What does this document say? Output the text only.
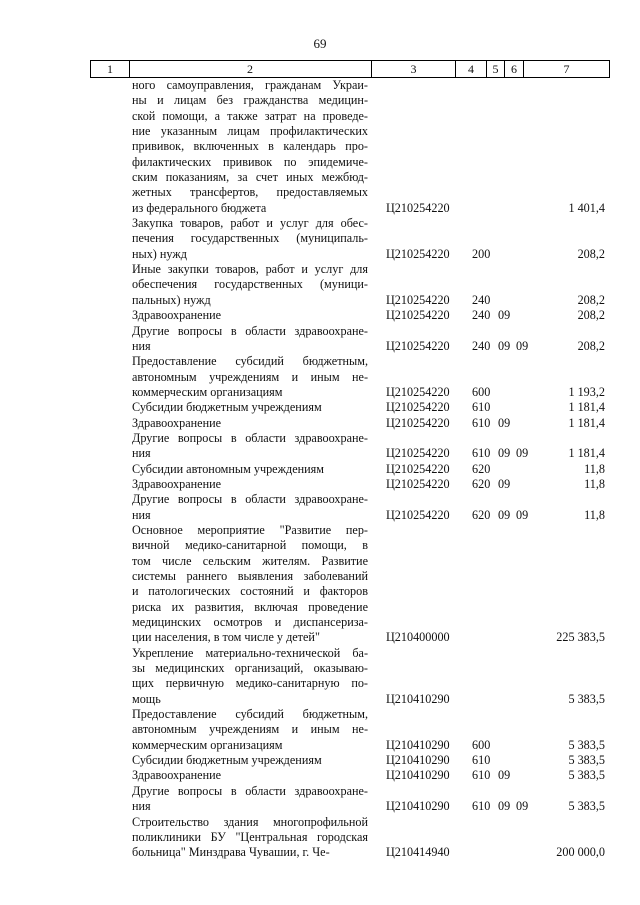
69
1	2	3	4	5	6	7
ного самоуправления, гражданам Украи-
ны и лицам без гражданства медицин-
ской помощи, а также затрат на проведе-
ние указанным лицам профилактических
прививок, включенных в календарь про-
филактических прививок по эпидемиче-
ским показаниям, за счет иных межбюд-
жетных трансфертов, предоставляемых
из федерального бюджета	Ц210254220	1 401,4
Закупка товаров, работ и услуг для обес-
печения государственных (муниципаль-
ных) нужд	Ц210254220 200	208,2
Иные закупки товаров, работ и услуг для
обеспечения государственных (муници-
пальных) нужд	Ц210254220 240	208,2
Здравоохранение	Ц210254220 240 09	208,2
Другие вопросы в области здравоохране-
ния	Ц210254220 240 09 09	208,2
Предоставление субсидий бюджетным,
автономным учреждениям и иным не-
коммерческим организациям	Ц210254220 600	1 193,2
Субсидии бюджетным учреждениям	Ц210254220 610	1 181,4
Здравоохранение	Ц210254220 610 09	1 181,4
Другие вопросы в области здравоохране-
ния	Ц210254220 610 09 09	1 181,4
Субсидии автономным учреждениям	Ц210254220 620	11,8
Здравоохранение	Ц210254220 620 09	11,8
Другие вопросы в области здравоохране-
ния	Ц210254220 620 09 09	11,8
Основное мероприятие "Развитие пер-
вичной медико-санитарной помощи, в
том числе сельским жителям. Развитие
системы раннего выявления заболеваний
и патологических состояний и факторов
риска их развития, включая проведение
медицинских осмотров и диспансериза-
ции населения, в том числе у детей"	Ц210400000	225 383,5
Укрепление материально-технической ба-
зы медицинских организаций, оказываю-
щих первичную медико-санитарную по-
мощь	Ц210410290	5 383,5
Предоставление субсидий бюджетным,
автономным учреждениям и иным не-
коммерческим организациям	Ц210410290 600	5 383,5
Субсидии бюджетным учреждениям	Ц210410290 610	5 383,5
Здравоохранение	Ц210410290 610 09	5 383,5
Другие вопросы в области здравоохране-
ния	Ц210410290 610 09 09	5 383,5
Строительство здания многопрофильной
поликлиники БУ "Центральная городская
больница" Минздрава Чувашии, г. Че-	Ц210414940	200 000,0
